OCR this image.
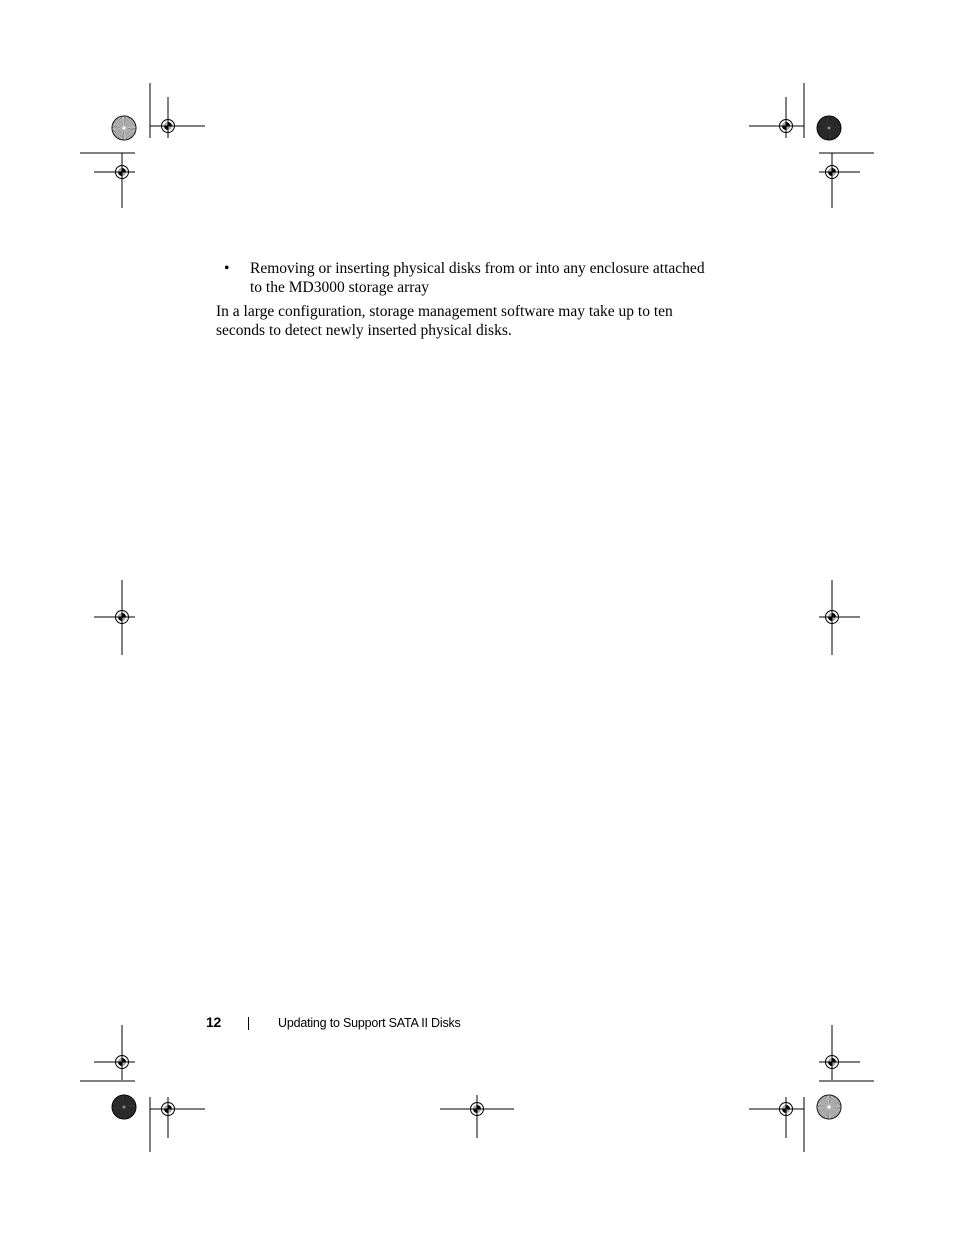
• Removing or inserting physical disks from or into any enclosure attached
to the MD3000 storage array
In a large configuration, storage management software may take up to ten
seconds to detect newly inserted physical disks.
12	Updating to Support SATA II Disks
